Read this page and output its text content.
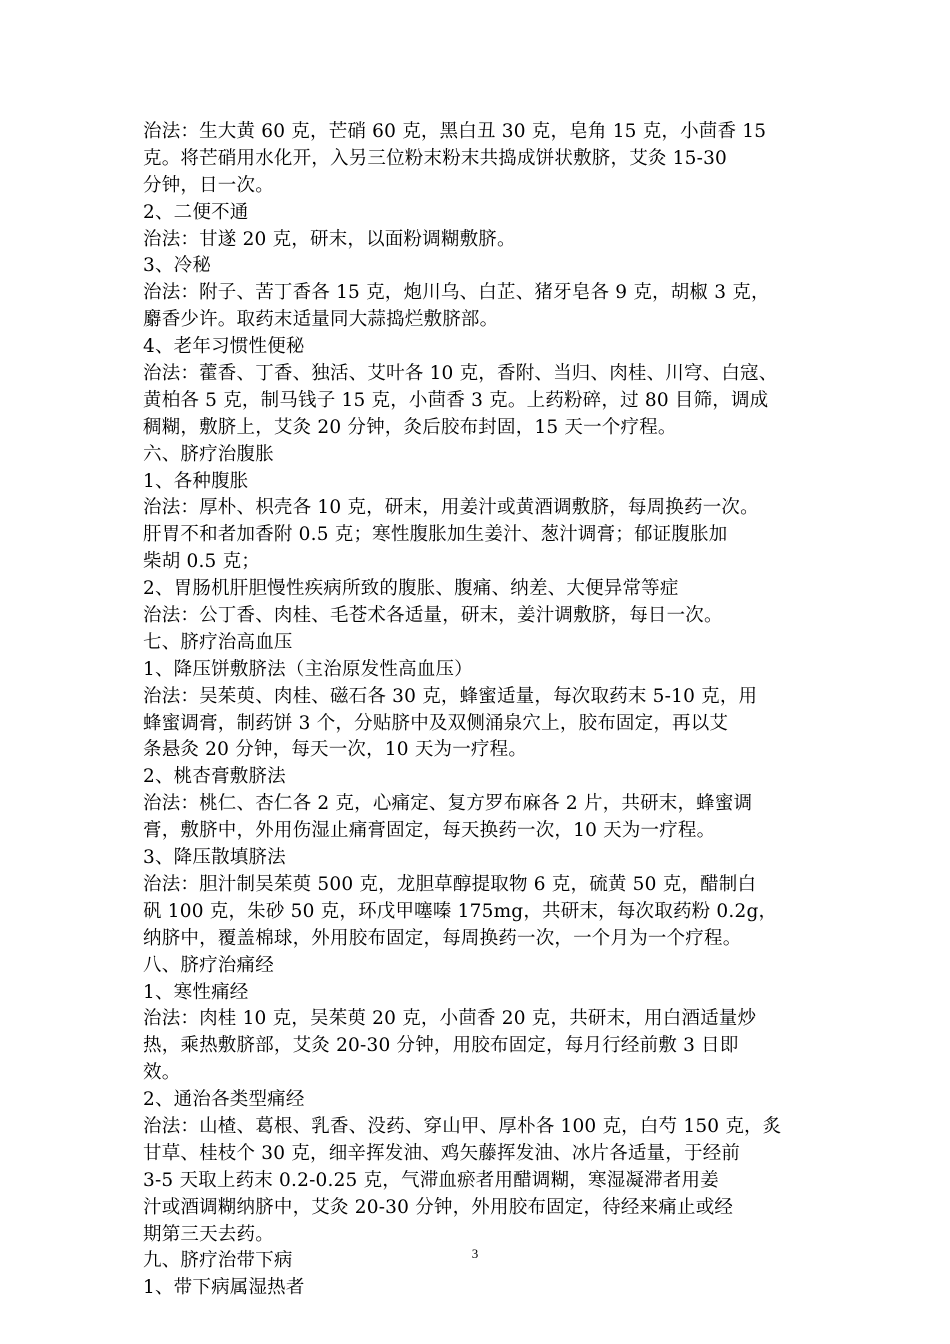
治法：生大黄 60 克，芒硝 60 克，黑白丑 30 克，皂角 15 克，小茴香 15
克。将芒硝用水化开，入另三位粉末粉末共捣成饼状敷脐，艾灸 15-30
分钟，日一次。
2、二便不通
治法：甘遂 20 克，研末，以面粉调糊敷脐。
3、冷秘
治法：附子、苦丁香各 15 克，炮川乌、白芷、猪牙皂各 9 克，胡椒 3 克，
麝香少许。取药末适量同大蒜捣烂敷脐部。
4、老年习惯性便秘
治法：藿香、丁香、独活、艾叶各 10 克，香附、当归、肉桂、川穹、白寇、
黄柏各 5 克，制马钱子 15 克，小茴香 3 克。上药粉碎，过 80 目筛，调成
稠糊，敷脐上，艾灸 20 分钟，灸后胶布封固，15 天一个疗程。
六、脐疗治腹胀
1、各种腹胀
治法：厚朴、枳壳各 10 克，研末，用姜汁或黄酒调敷脐，每周换药一次。
肝胃不和者加香附 0.5 克；寒性腹胀加生姜汁、葱汁调膏；郁证腹胀加
柴胡 0.5 克；
2、胃肠机肝胆慢性疾病所致的腹胀、腹痛、纳差、大便异常等症
治法：公丁香、肉桂、毛苍术各适量，研末，姜汁调敷脐，每日一次。
七、脐疗治高血压
1、降压饼敷脐法（主治原发性高血压）
治法：吴茱萸、肉桂、磁石各 30 克，蜂蜜适量，每次取药末 5-10 克，用
蜂蜜调膏，制药饼 3 个，分贴脐中及双侧涌泉穴上，胶布固定，再以艾
条悬灸 20 分钟，每天一次，10 天为一疗程。
2、桃杏膏敷脐法
治法：桃仁、杏仁各 2 克，心痛定、复方罗布麻各 2 片，共研末，蜂蜜调
膏，敷脐中，外用伤湿止痛膏固定，每天换药一次，10 天为一疗程。
3、降压散填脐法
治法：胆汁制吴茱萸 500 克，龙胆草醇提取物 6 克，硫黄 50 克，醋制白
矾 100 克，朱砂 50 克，环戊甲噻嗪 175mg，共研末，每次取药粉 0.2g，
纳脐中，覆盖棉球，外用胶布固定，每周换药一次，一个月为一个疗程。
八、脐疗治痛经
1、寒性痛经
治法：肉桂 10 克，吴茱萸 20 克，小茴香 20 克，共研末，用白酒适量炒
热，乘热敷脐部，艾灸 20-30 分钟，用胶布固定，每月行经前敷 3 日即
效。
2、通治各类型痛经
治法：山楂、葛根、乳香、没药、穿山甲、厚朴各 100 克，白芍 150 克，炙
甘草、桂枝个 30 克，细辛挥发油、鸡矢藤挥发油、冰片各适量，于经前
3-5 天取上药末 0.2-0.25 克，气滞血瘀者用醋调糊，寒湿凝滞者用姜
汁或酒调糊纳脐中，艾灸 20-30 分钟，外用胶布固定，待经来痛止或经
期第三天去药。
九、脐疗治带下病
1、带下病属湿热者
3
